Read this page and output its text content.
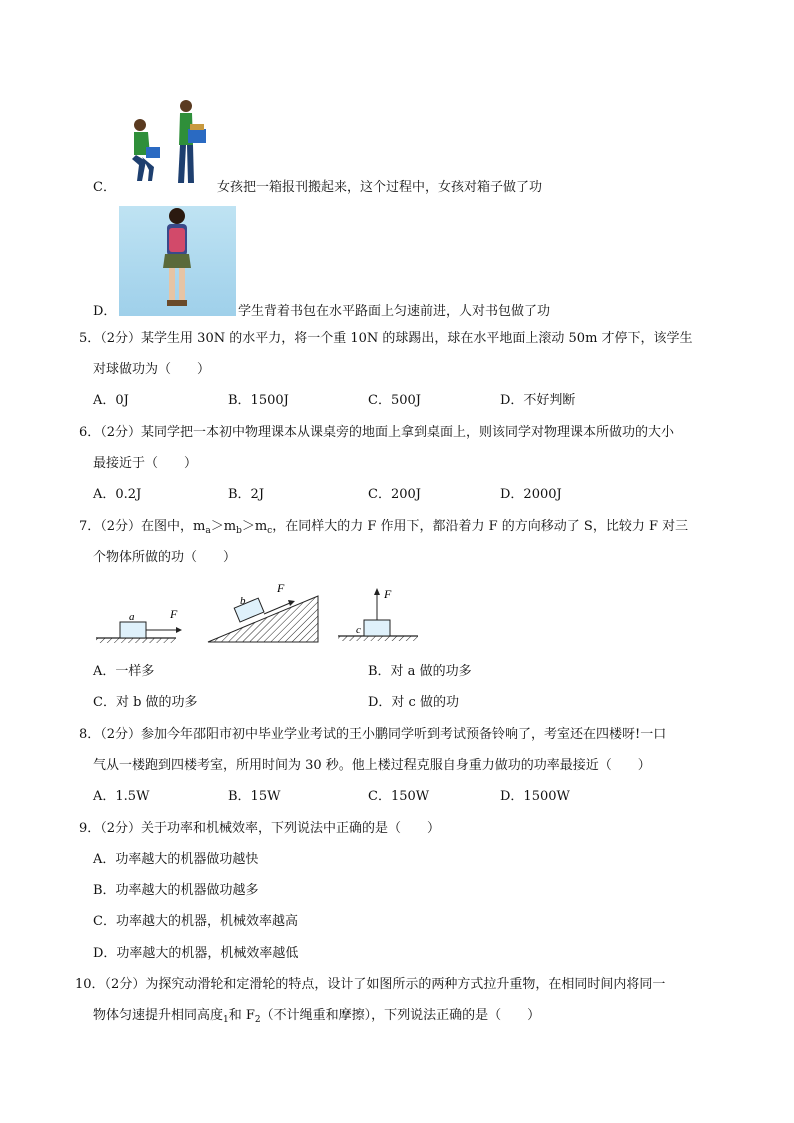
C．	女孩把一箱报刊搬起来，这个过程中，女孩对箱子做了功
D．	学生背着书包在水平路面上匀速前进，人对书包做了功
5．（2分）某学生用 30N 的水平力，将一个重 10N 的球踢出，球在水平地面上滚动 50m 才停下，该学生
对球做功为（　　）
A．0J	B．1500J	C．500J	D．不好判断
6．（2分）某同学把一本初中物理课本从课桌旁的地面上拿到桌面上，则该同学对物理课本所做功的大小
最接近于（　　）
A．0.2J	B．2J	C．200J	D．2000J
7．（2分）在图中，$m_a>m_b>m_c$，在同样大的力 F 作用下，都沿着力 F 的方向移动了 S，比较力 F 对三
个物体所做的功（　　）
a	F
b
F
c
F
A．一样多	B．对 a 做的功多
C．对 b 做的功多	D．对 c 做的功
8．（2分）参加今年邵阳市初中毕业学业考试的王小鹏同学听到考试预备铃响了，考室还在四楼呀!一口
气从一楼跑到四楼考室，所用时间为 30 秒。他上楼过程克服自身重力做功的功率最接近（　　）
A．1.5W	B．15W	C．150W	D．1500W
9．（2分）关于功率和机械效率，下列说法中正确的是（　　）
A．功率越大的机器做功越快
B．功率越大的机器做功越多
C．功率越大的机器，机械效率越高
D．功率越大的机器，机械效率越低
10．（2分）为探究动滑轮和定滑轮的特点，设计了如图所示的两种方式拉升重物，在相同时间内将同一
物体匀速提升相同高度$_1$和 $F_2$（不计绳重和摩擦），下列说法正确的是（　　）
